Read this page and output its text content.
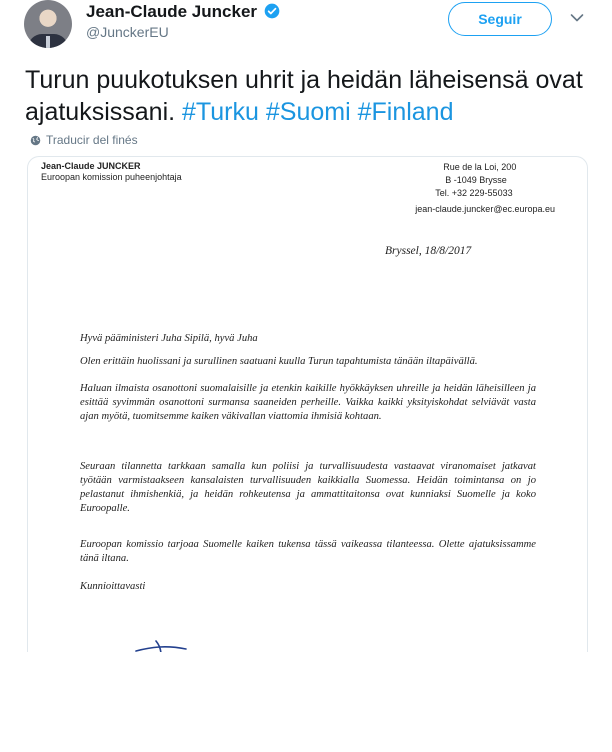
Jean-Claude Juncker
@JunckerEU
Seguir
Turun puukotuksen uhrit ja heidän läheisensä ovat ajatuksissani. #Turku #Suomi #Finland
Traducir del finés
Jean-Claude JUNCKER
Euroopan komission puheenjohtaja
Rue de la Loi, 200
B -1049 Brysse
Tel. +32 229-55033
jean-claude.juncker@ec.europa.eu
Bryssel, 18/8/2017
Hyvä pääministeri Juha Sipilä, hyvä Juha
Olen erittäin huolissani ja surullinen saatuani kuulla Turun tapahtumista tänään iltapäivällä.
Haluan ilmaista osanottoni suomalaisille ja etenkin kaikille hyökkäyksen uhreille ja heidän läheisilleen ja esittää syvimmän osanottoni surmansa saaneiden perheille. Vaikka kaikki yksityiskohdat selviävät vasta ajan myötä, tuomitsemme kaiken väkivallan viattomia ihmisiä kohtaan.
Seuraan tilannetta tarkkaan samalla kun poliisi ja turvallisuudesta vastaavat viranomaiset jatkavat työtään varmistaakseen kansalaisten turvallisuuden kaikkialla Suomessa. Heidän toimintansa on jo pelastanut ihmishenkiä, ja heidän rohkeutensa ja ammattitaitonsa ovat kunniaksi Suomelle ja koko Euroopalle.
Euroopan komissio tarjoaa Suomelle kaiken tukensa tässä vaikeassa tilanteessa. Olette ajatuksissamme tänä iltana.
Kunnioittavasti
